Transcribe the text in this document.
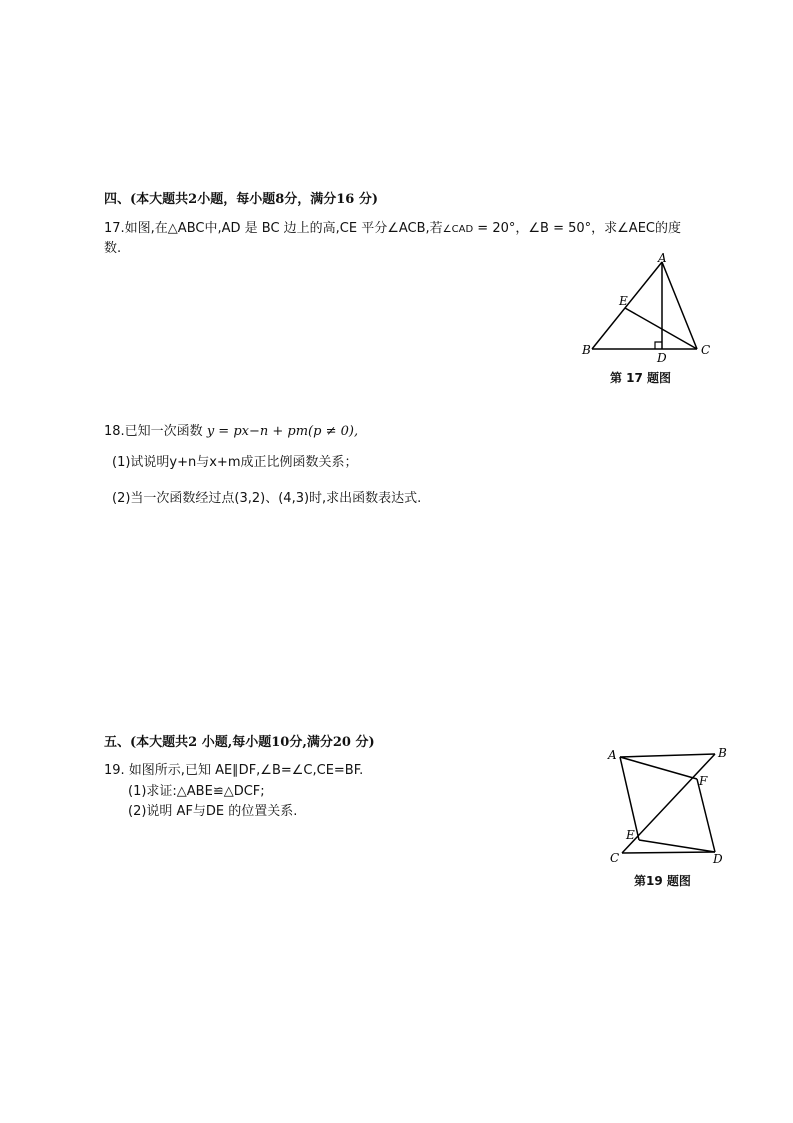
四、(本大题共2小题，每小题8分，满分16 分)
17.如图,在△ABC中,AD 是 BC 边上的高,CE 平分∠ACB,若∠CAD = 20°，∠B = 50°，求∠AEC的度
数.
A
B	C
D
E
第 17 题图
18.已知一次函数 y = px−n + pm(p ≠ 0),
(1)试说明y+n与x+m成正比例函数关系；
(2)当一次函数经过点(3,2)、(4,3)时,求出函数表达式.
五、(本大题共2 小题,每小题10分,满分20 分)
19. 如图所示,已知 AE∥DF,∠B=∠C,CE=BF.
(1)求证:△ABE≌△DCF;
(2)说明 AF与DE 的位置关系.
A	B
F
E
C	D
第19 题图
